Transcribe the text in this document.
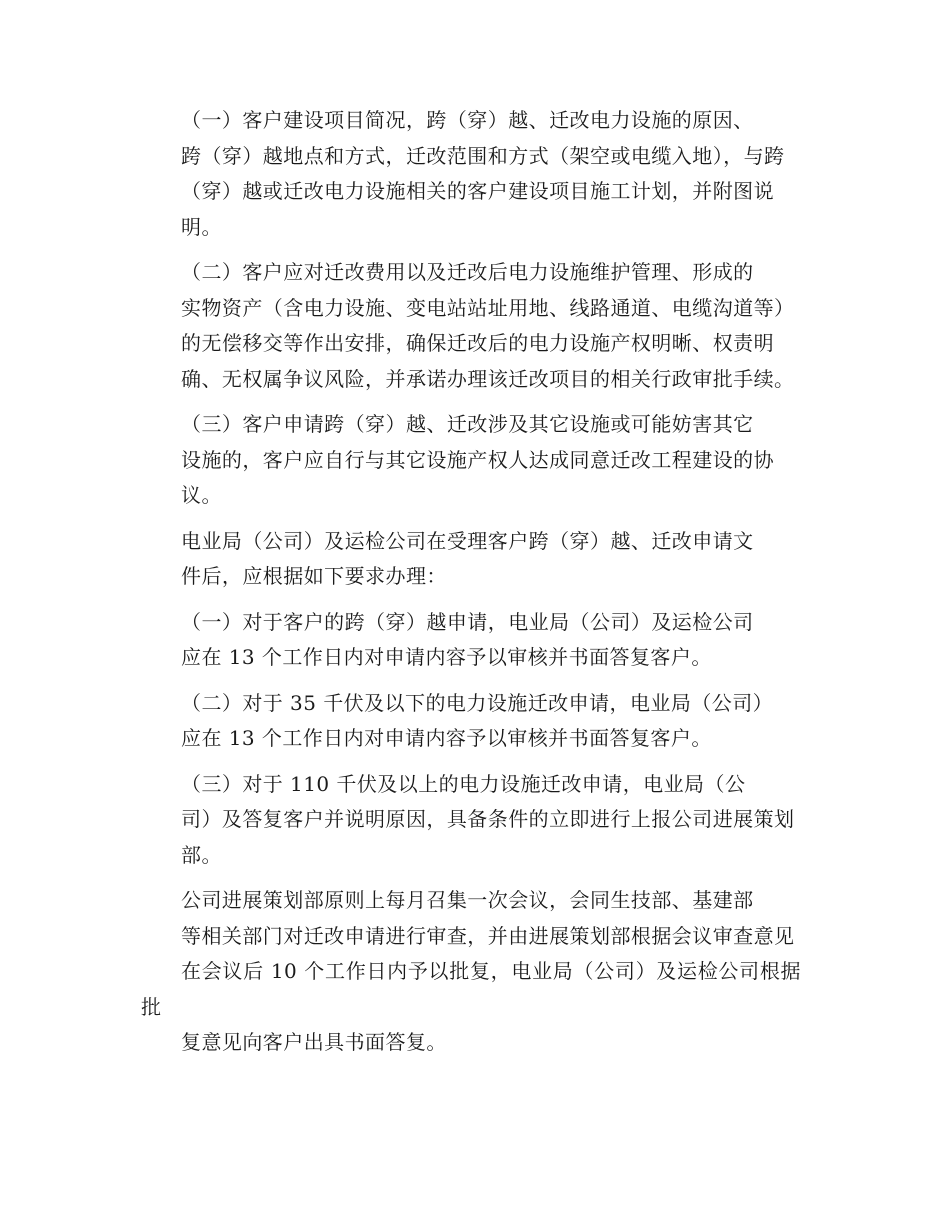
（一）客户建设项目简况，跨（穿）越、迁改电力设施的原因、
跨（穿）越地点和方式，迁改范围和方式（架空或电缆入地），与跨
（穿）越或迁改电力设施相关的客户建设项目施工计划，并附图说
明。

（二）客户应对迁改费用以及迁改后电力设施维护管理、形成的
实物资产（含电力设施、变电站站址用地、线路通道、电缆沟道等）
的无偿移交等作出安排，确保迁改后的电力设施产权明晰、权责明
确、无权属争议风险，并承诺办理该迁改项目的相关行政审批手续。

（三）客户申请跨（穿）越、迁改涉及其它设施或可能妨害其它
设施的，客户应自行与其它设施产权人达成同意迁改工程建设的协
议。

电业局（公司）及运检公司在受理客户跨（穿）越、迁改申请文
件后，应根据如下要求办理：

（一）对于客户的跨（穿）越申请，电业局（公司）及运检公司
应在 13 个工作日内对申请内容予以审核并书面答复客户。

（二）对于 35 千伏及以下的电力设施迁改申请，电业局（公司）
应在 13 个工作日内对申请内容予以审核并书面答复客户。

（三）对于 110 千伏及以上的电力设施迁改申请，电业局（公
司）及答复客户并说明原因，具备条件的立即进行上报公司进展策划
部。

公司进展策划部原则上每月召集一次会议，会同生技部、基建部
等相关部门对迁改申请进行审查，并由进展策划部根据会议审查意见
在会议后 10 个工作日内予以批复，电业局（公司）及运检公司根据批
复意见向客户出具书面答复。
